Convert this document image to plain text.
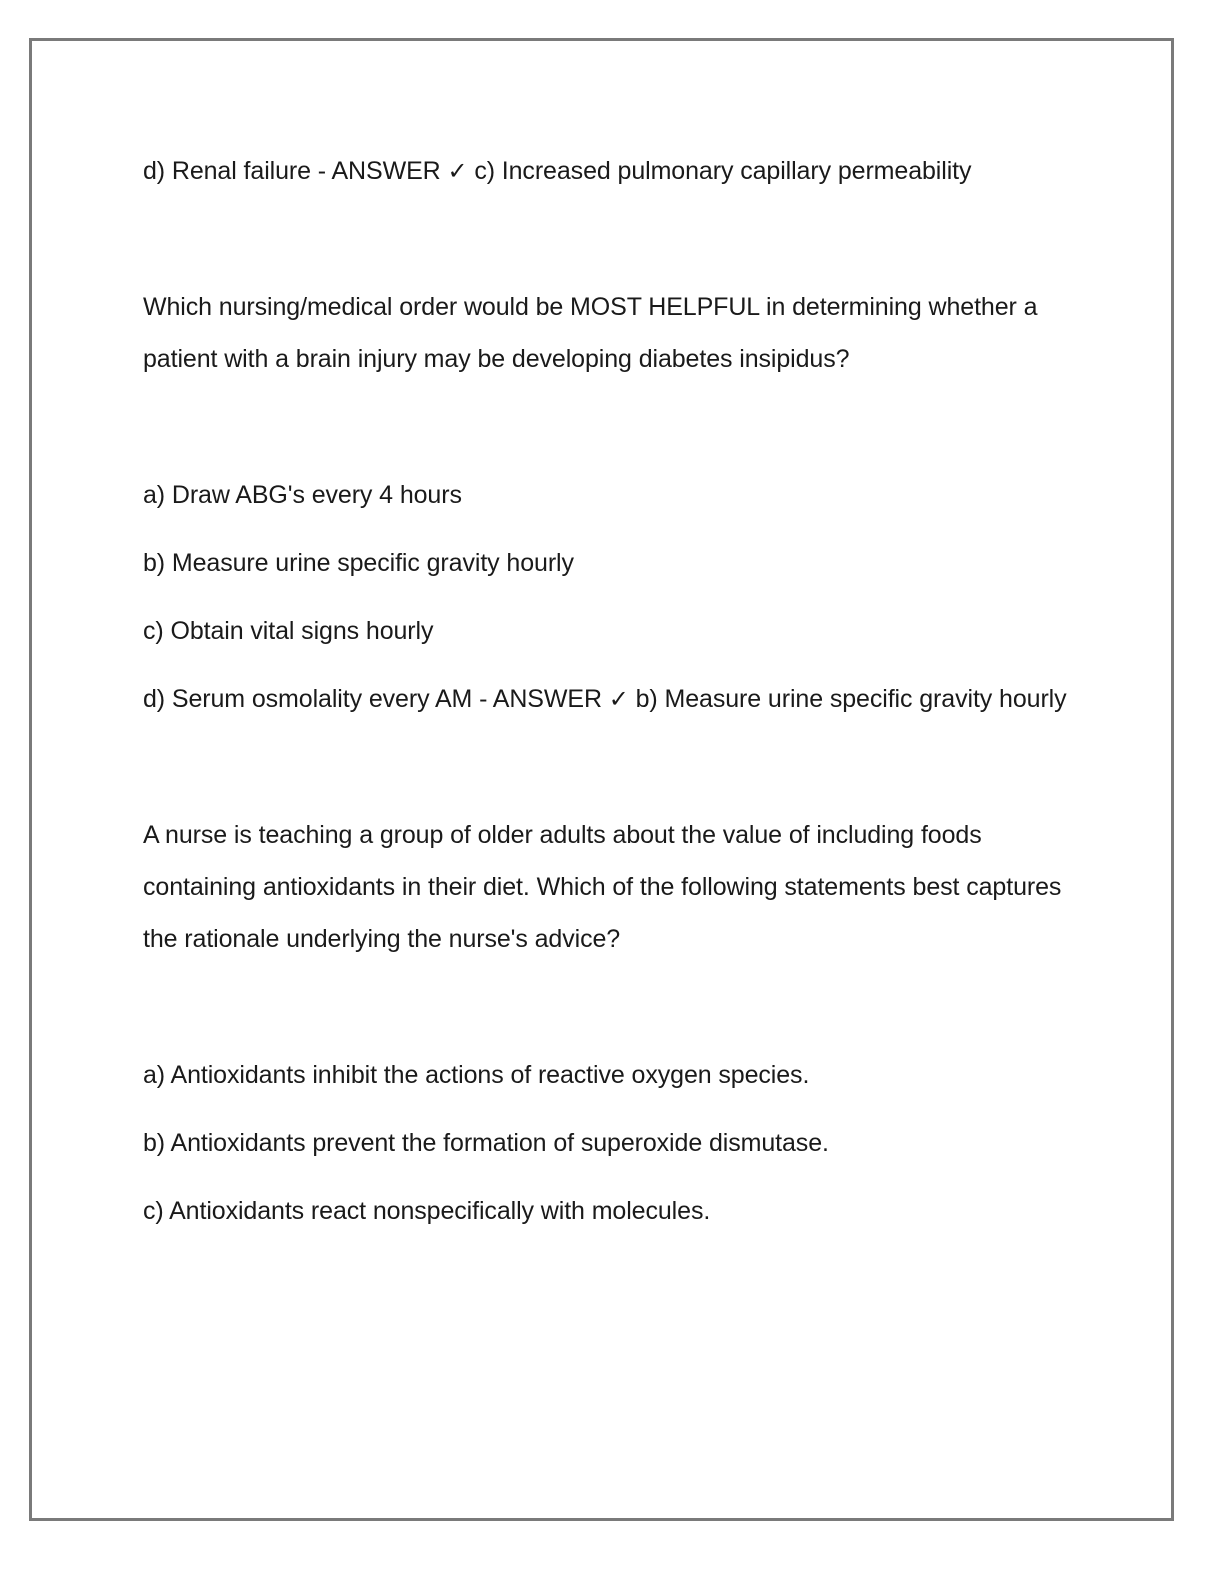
d) Renal failure - ANSWER ✓ c) Increased pulmonary capillary permeability

Which nursing/medical order would be MOST HELPFUL in determining whether a patient with a brain injury may be developing diabetes insipidus?

a) Draw ABG's every 4 hours

b) Measure urine specific gravity hourly

c) Obtain vital signs hourly

d) Serum osmolality every AM - ANSWER ✓ b) Measure urine specific gravity hourly

A nurse is teaching a group of older adults about the value of including foods containing antioxidants in their diet. Which of the following statements best captures the rationale underlying the nurse's advice?

a) Antioxidants inhibit the actions of reactive oxygen species.

b) Antioxidants prevent the formation of superoxide dismutase.

c) Antioxidants react nonspecifically with molecules.
